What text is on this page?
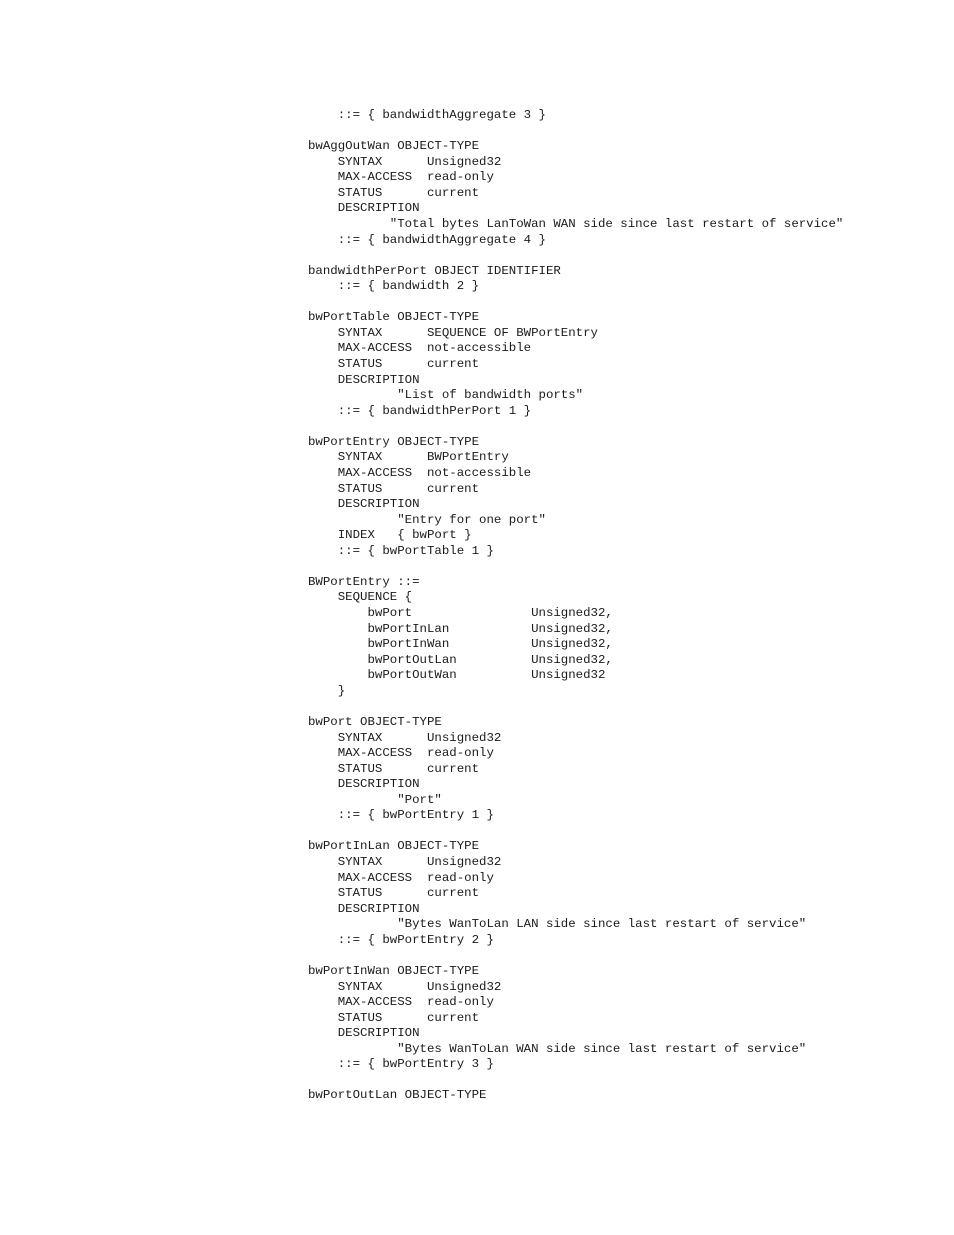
::= { bandwidthAggregate 3 }

bwAggOutWan OBJECT-TYPE
SYNTAX      Unsigned32
MAX-ACCESS  read-only
STATUS      current
DESCRIPTION
"Total bytes LanToWan WAN side since last restart of service"
::= { bandwidthAggregate 4 }

bandwidthPerPort OBJECT IDENTIFIER
::= { bandwidth 2 }

bwPortTable OBJECT-TYPE
SYNTAX      SEQUENCE OF BWPortEntry
MAX-ACCESS  not-accessible
STATUS      current
DESCRIPTION
"List of bandwidth ports"
::= { bandwidthPerPort 1 }

bwPortEntry OBJECT-TYPE
SYNTAX      BWPortEntry
MAX-ACCESS  not-accessible
STATUS      current
DESCRIPTION
"Entry for one port"
INDEX   { bwPort }
::= { bwPortTable 1 }

BWPortEntry ::=
SEQUENCE {
bwPort                Unsigned32,
bwPortInLan           Unsigned32,
bwPortInWan           Unsigned32,
bwPortOutLan          Unsigned32,
bwPortOutWan          Unsigned32
}

bwPort OBJECT-TYPE
SYNTAX      Unsigned32
MAX-ACCESS  read-only
STATUS      current
DESCRIPTION
"Port"
::= { bwPortEntry 1 }

bwPortInLan OBJECT-TYPE
SYNTAX      Unsigned32
MAX-ACCESS  read-only
STATUS      current
DESCRIPTION
"Bytes WanToLan LAN side since last restart of service"
::= { bwPortEntry 2 }

bwPortInWan OBJECT-TYPE
SYNTAX      Unsigned32
MAX-ACCESS  read-only
STATUS      current
DESCRIPTION
"Bytes WanToLan WAN side since last restart of service"
::= { bwPortEntry 3 }

bwPortOutLan OBJECT-TYPE
